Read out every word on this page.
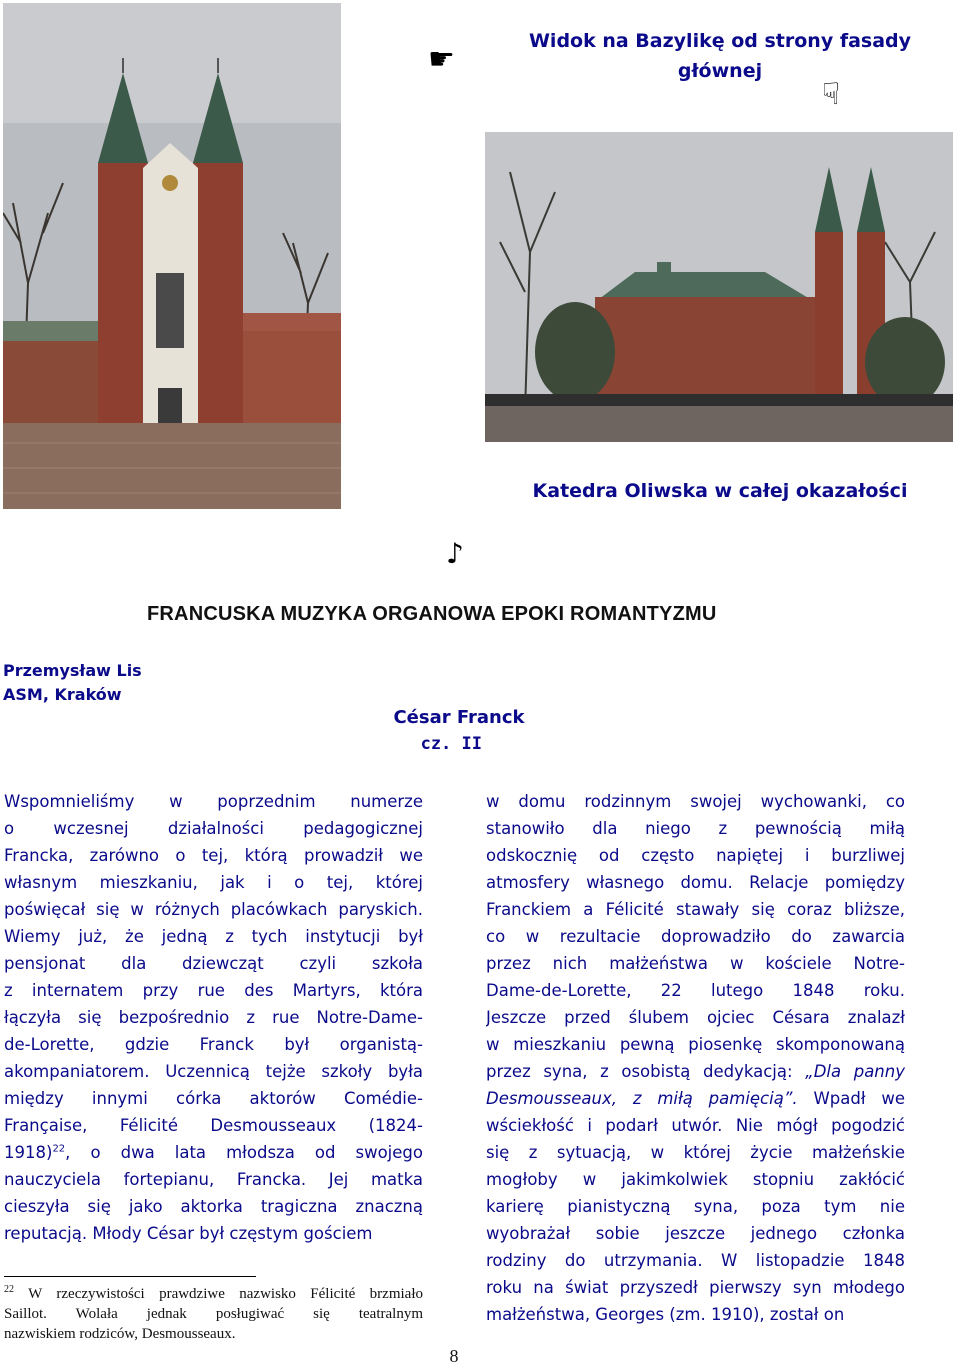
Widok na Bazylikę od strony fasady głównej
Katedra Oliwska w całej okazałości
☛
☟
♪
FRANCUSKA MUZYKA ORGANOWA EPOKI ROMANTYZMU
Przemysław Lis
ASM, Kraków
César Franck
cz. II
Wspomnieliśmy w poprzednim numerze
o wczesnej działalności pedagogicznej
Francka, zarówno o tej, którą prowadził we
własnym mieszkaniu, jak i o tej, której
poświęcał się w różnych placówkach paryskich.
Wiemy już, że jedną z tych instytucji był
pensjonat dla dziewcząt czyli szkoła
z internatem przy rue des Martyrs, która
łączyła się bezpośrednio z rue Notre-Dame-
de-Lorette, gdzie Franck był organistą-
akompaniatorem. Uczennicą tejże szkoły była
między innymi córka aktorów Comédie-
Française, Félicité Desmousseaux (1824-
1918)$^{22}$, o dwa lata młodsza od swojego
nauczyciela fortepianu, Francka. Jej matka
cieszyła się jako aktorka tragiczna znaczną
reputacją. Młody César był częstym gościem
w domu rodzinnym swojej wychowanki, co
stanowiło dla niego z pewnością miłą
odskocznię od często napiętej i burzliwej
atmosfery własnego domu. Relacje pomiędzy
Franckiem a Félicité stawały się coraz bliższe,
co w rezultacie doprowadziło do zawarcia
przez nich małżeństwa w kościele Notre-
Dame-de-Lorette, 22 lutego 1848 roku.
Jeszcze przed ślubem ojciec Césara znalazł
w mieszkaniu pewną piosenkę skomponowaną
przez syna, z osobistą dedykacją: „Dla panny
Desmousseaux, z miłą pamięcią”. Wpadł we
wściekłość i podarł utwór. Nie mógł pogodzić
się z sytuacją, w której życie małżeńskie
mogłoby w jakimkolwiek stopniu zakłócić
karierę pianistyczną syna, poza tym nie
wyobrażał sobie jeszcze jednego członka
rodziny do utrzymania. W listopadzie 1848
roku na świat przyszedł pierwszy syn młodego
małżeństwa, Georges (zm. 1910), został on
$^{22}$ W rzeczywistości prawdziwe nazwisko Félicité brzmiało
Saillot. Wolała jednak posługiwać się teatralnym
nazwiskiem rodziców, Desmousseaux.
8
